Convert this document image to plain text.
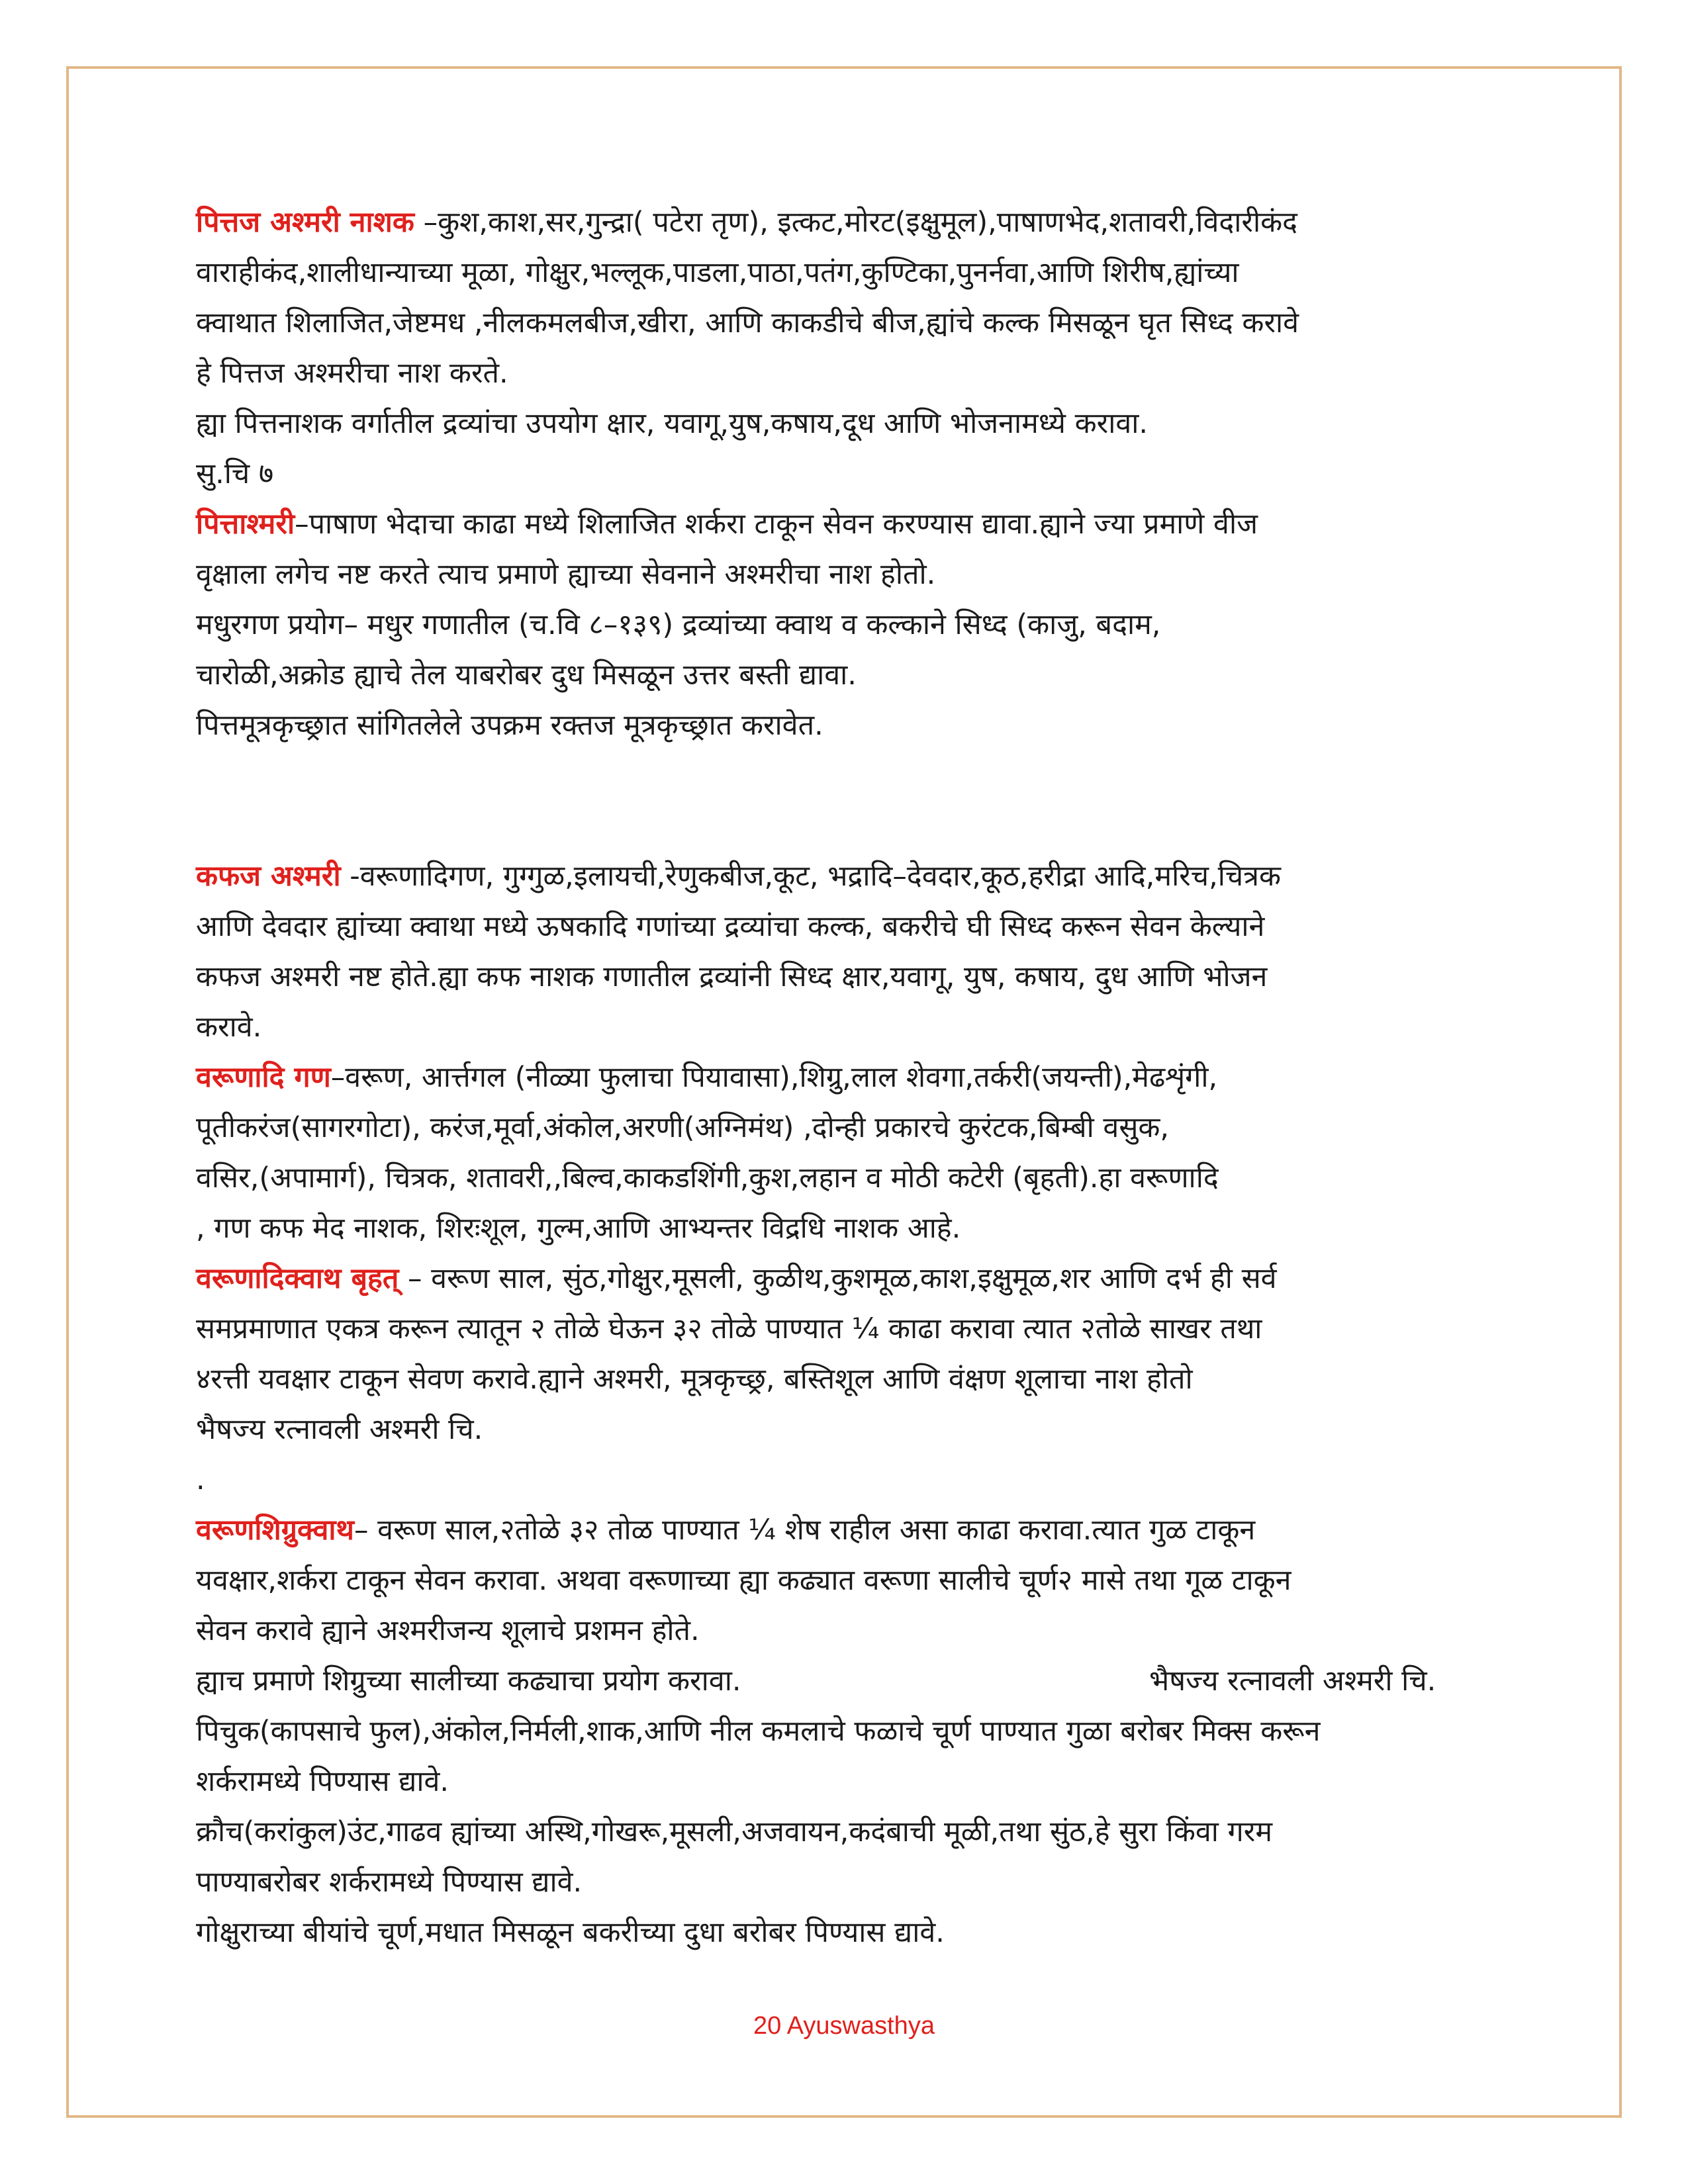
पित्तज अश्मरी नाशक –कुश,काश,सर,गुन्द्रा( पटेरा तृण), इत्कट,मोरट(इक्षुमूल),पाषाणभेद,शतावरी,विदारीकंद
वाराहीकंद,शालीधान्याच्या मूळा, गोक्षुर,भल्लूक,पाडला,पाठा,पतंग,कुण्टिका,पुनर्नवा,आणि शिरीष,ह्यांच्या
क्वाथात शिलाजित,जेष्टमध ,नीलकमलबीज,खीरा, आणि काकडीचे बीज,ह्यांचे कल्क मिसळून घृत सिध्द करावे
हे पित्तज अश्मरीचा नाश करते.
ह्या पित्तनाशक वर्गातील द्रव्यांचा उपयोग क्षार, यवागू,युष,कषाय,दूध आणि भोजनामध्ये करावा.
सु.चि ७
पित्ताश्मरी–पाषाण भेदाचा काढा मध्ये शिलाजित शर्करा टाकून सेवन करण्यास द्यावा.ह्याने ज्या प्रमाणे वीज
वृक्षाला लगेच नष्ट करते त्याच प्रमाणे ह्याच्या सेवनाने अश्मरीचा नाश होतो.
मधुरगण प्रयोग– मधुर गणातील (च.वि ८–१३९) द्रव्यांच्या क्वाथ व कल्काने सिध्द (काजु, बदाम,
चारोळी,अक्रोड ह्याचे तेल याबरोबर दुध मिसळून उत्तर बस्ती द्यावा.
पित्तमूत्रकृच्छ्रात सांगितलेले उपक्रम रक्तज मूत्रकृच्छ्रात करावेत.
कफज अश्मरी -वरूणादिगण, गुग्गुळ,इलायची,रेणुकबीज,कूट, भद्रादि–देवदार,कूठ,हरीद्रा आदि,मरिच,चित्रक
आणि देवदार ह्यांच्या क्वाथा मध्ये ऊषकादि गणांच्या द्रव्यांचा कल्क, बकरीचे घी सिध्द करून सेवन केल्याने
कफज अश्मरी नष्ट होते.ह्या कफ नाशक गणातील द्रव्यांनी सिध्द क्षार,यवागू, युष, कषाय, दुध आणि भोजन
करावे.
वरूणादि गण–वरूण, आर्त्तगल (नीळ्या फुलाचा पियावासा),शिग्रु,लाल शेवगा,तर्करी(जयन्ती),मेढशृंगी,
पूतीकरंज(सागरगोटा), करंज,मूर्वा,अंकोल,अरणी(अग्निमंथ) ,दोन्ही प्रकारचे कुरंटक,बिम्बी वसुक,
वसिर,(अपामार्ग), चित्रक, शतावरी,,बिल्व,काकडशिंगी,कुश,लहान व मोठी कटेरी (बृहती).हा वरूणादि
, गण कफ मेद नाशक, शिरःशूल, गुल्म,आणि आभ्यन्तर विद्रधि नाशक आहे.
वरूणादिक्वाथ बृहत् – वरूण साल, सुंठ,गोक्षुर,मूसली, कुळीथ,कुशमूळ,काश,इक्षुमूळ,शर आणि दर्भ ही सर्व
समप्रमाणात एकत्र करून त्यातून २ तोळे घेऊन ३२ तोळे पाण्यात ¼ काढा करावा त्यात २तोळे साखर तथा
४रत्ती यवक्षार टाकून सेवण करावे.ह्याने अश्मरी, मूत्रकृच्छ्र, बस्तिशूल आणि वंक्षण शूलाचा नाश होतो
भैषज्य रत्नावली अश्मरी चि.
.
वरूणशिग्रुक्वाथ– वरूण साल,२तोळे ३२ तोळ पाण्यात ¼ शेष राहील असा काढा करावा.त्यात गुळ टाकून
यवक्षार,शर्करा टाकून सेवन करावा. अथवा वरूणाच्या ह्या कढ्यात वरूणा सालीचे चूर्ण२ मासे तथा गूळ टाकून
सेवन करावे ह्याने अश्मरीजन्य शूलाचे प्रशमन होते.
ह्याच प्रमाणे शिग्रुच्या सालीच्या कढ्याचा प्रयोग करावा.	भैषज्य रत्नावली अश्मरी चि.
पिचुक(कापसाचे फुल),अंकोल,निर्मली,शाक,आणि नील कमलाचे फळाचे चूर्ण पाण्यात गुळा बरोबर मिक्स करून
शर्करामध्ये पिण्यास द्यावे.
क्रौच(करांकुल)उंट,गाढव ह्यांच्या अस्थि,गोखरू,मूसली,अजवायन,कदंबाची मूळी,तथा सुंठ,हे सुरा किंवा गरम
पाण्याबरोबर शर्करामध्ये पिण्यास द्यावे.
गोक्षुराच्या बीयांचे चूर्ण,मधात मिसळून बकरीच्या दुधा बरोबर पिण्यास द्यावे.
20 Ayuswasthya
